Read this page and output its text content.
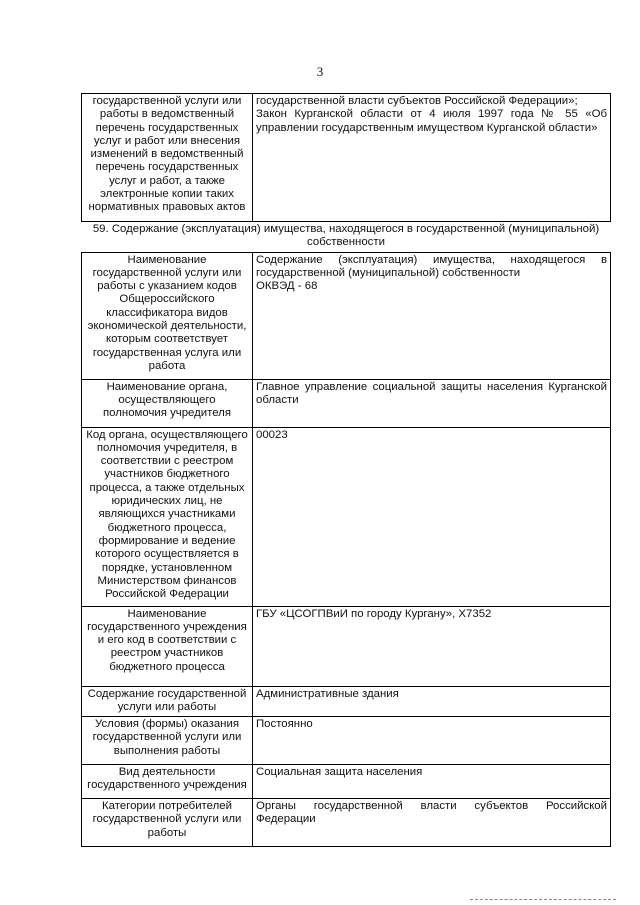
3
государственной услуги или работы в ведомственный перечень государственных услуг и работ или внесения изменений в ведомственный перечень государственных услуг и работ, а также электронные копии таких нормативных правовых актов	государственной власти субъектов Российской Федерации»;
Закон Курганской области от 4 июля 1997 года № 55 «Об управлении государственным имуществом Курганской области»

59. Содержание (эксплуатация) имущества, находящегося в государственной (муниципальной) собственности	
Наименование государственной услуги или работы с указанием кодов Общероссийского классификатора видов экономической деятельности, которым соответствует государственная услуга или работа	Содержание (эксплуатация) имущества, находящегося в государственной (муниципальной) собственности
ОКВЭД - 68

Наименование органа, осуществляющего полномочия учредителя	Главное управление социальной защиты населения Курганской области
Код органа, осуществляющего полномочия учредителя, в соответствии с реестром участников бюджетного процесса, а также отдельных юридических лиц, не являющихся участниками бюджетного процесса, формирование и ведение которого осуществляется в порядке, установленном Министерством финансов Российской Федерации	00023
Наименование государственного учреждения и его код в соответствии с реестром участников бюджетного процесса	ГБУ «ЦСОГПВиИ по городу Кургану», Х7352
Содержание государственной услуги или работы	Административные здания
Условия (формы) оказания государственной услуги или выполнения работы	Постоянно
Вид деятельности государственного учреждения	Социальная защита населения
Категории потребителей государственной услуги или работы	Органы государственной власти субъектов Российской Федерации
